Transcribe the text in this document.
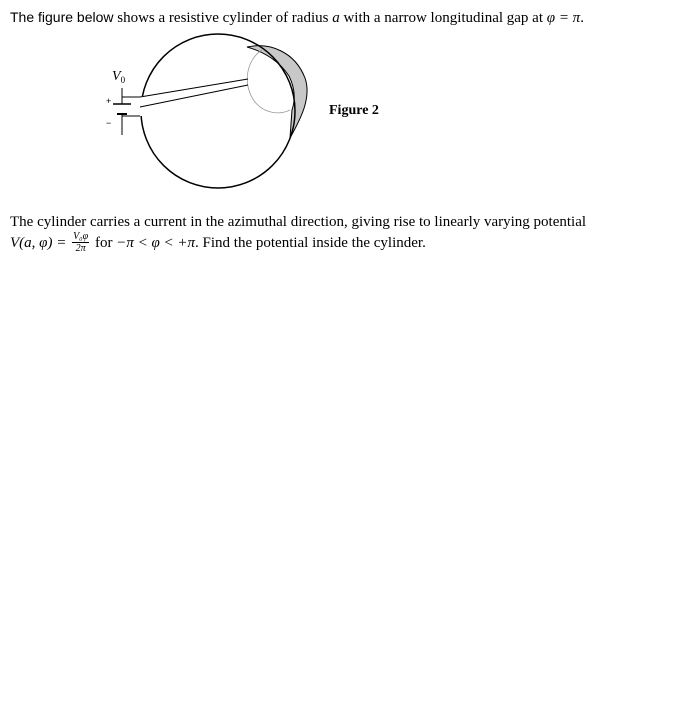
The figure below shows a resistive cylinder of radius a with a narrow longitudinal gap at φ = π.
$V_0$
+
−
Figure 2
The cylinder carries a current in the azimuthal direction, giving rise to linearly varying potential
V(a, $\varphi) = \frac{\text{V₀φ}}{2\pi}$ for −π < φ < +π. Find the potential inside the cylinder.
